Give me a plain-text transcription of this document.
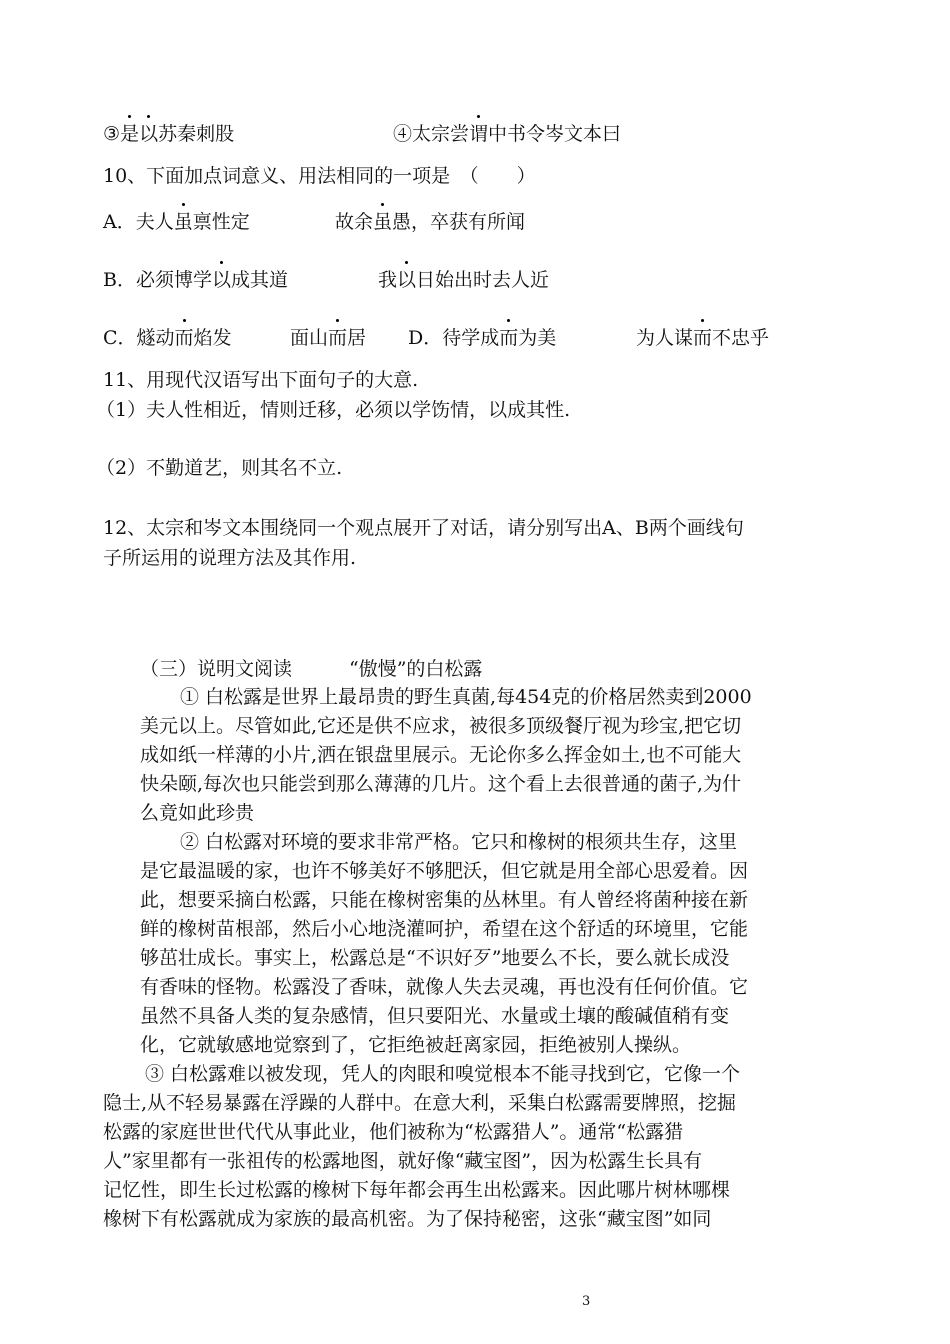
③是以苏秦刺股	④太宗尝谓中书令岑文本曰
10、下面加点词意义、用法相同的一项是　（　　）
A．夫人虽禀性定	故余虽愚，卒获有所闻
B．必须博学以成其道	我以日始出时去人近
C．燧动而焰发	面山而居 D．待学成而为美	为人谋而不忠乎
11、用现代汉语写出下面句子的大意.
（1）夫人性相近，情则迁移，必须以学饬情，以成其性.
（2）不勤道艺，则其名不立.
12、太宗和岑文本围绕同一个观点展开了对话，请分别写出A、B两个画线句
子所运用的说理方法及其作用.
（三）说明文阅读　　　“傲慢”的白松露
① 白松露是世界上最昂贵的野生真菌,每454克的价格居然卖到2000
美元以上。尽管如此,它还是供不应求，被很多顶级餐厅视为珍宝,把它切
成如纸一样薄的小片,洒在银盘里展示。无论你多么挥金如土,也不可能大
快朵颐,每次也只能尝到那么薄薄的几片。这个看上去很普通的菌子,为什
么竟如此珍贵
② 白松露对环境的要求非常严格。它只和橡树的根须共生存，这里
是它最温暖的家，也许不够美好不够肥沃，但它就是用全部心思爱着。因
此，想要采摘白松露，只能在橡树密集的丛林里。有人曾经将菌种接在新
鲜的橡树苗根部，然后小心地浇灌呵护，希望在这个舒适的环境里，它能
够茁壮成长。事实上，松露总是“不识好歹”地要么不长，要么就长成没
有香味的怪物。松露没了香味，就像人失去灵魂，再也没有任何价值。它
虽然不具备人类的复杂感情，但只要阳光、水量或土壤的酸碱值稍有变
化，它就敏感地觉察到了，它拒绝被赶离家园，拒绝被别人操纵。
③ 白松露难以被发现，凭人的肉眼和嗅觉根本不能寻找到它，它像一个
隐士,从不轻易暴露在浮躁的人群中。在意大利，采集白松露需要牌照，挖掘
松露的家庭世世代代从事此业，他们被称为“松露猎人”。通常“松露猎
人”家里都有一张祖传的松露地图，就好像“藏宝图”，因为松露生长具有
记忆性，即生长过松露的橡树下每年都会再生出松露来。因此哪片树林哪棵
橡树下有松露就成为家族的最高机密。为了保持秘密，这张“藏宝图”如同
3
